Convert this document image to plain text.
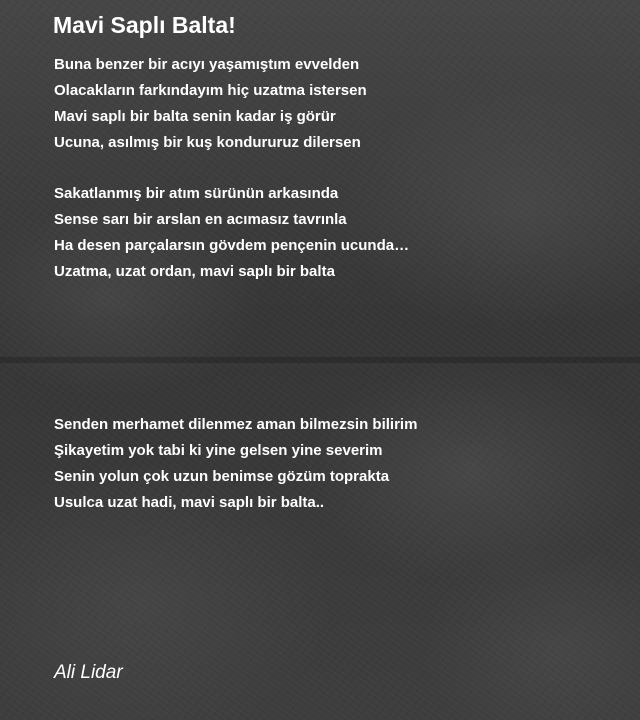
Mavi Saplı Balta!
Buna benzer bir acıyı yaşamıştım evvelden
Olacakların farkındayım hiç uzatma istersen
Mavi saplı bir balta senin kadar iş görür
Ucuna, asılmış bir kuş kondururuz dilersen
Sakatlanmış bir atım sürünün arkasında
Sense sarı bir arslan en acımasız tavrınla
Ha desen parçalarsın gövdem pençenin ucunda…
Uzatma, uzat ordan, mavi saplı bir balta
Senden merhamet dilenmez aman bilmezsin bilirim
Şikayetim yok tabi ki yine gelsen yine severim
Senin yolun çok uzun benimse gözüm toprakta
Usulca uzat hadi, mavi saplı bir balta..

Ali Lidar
